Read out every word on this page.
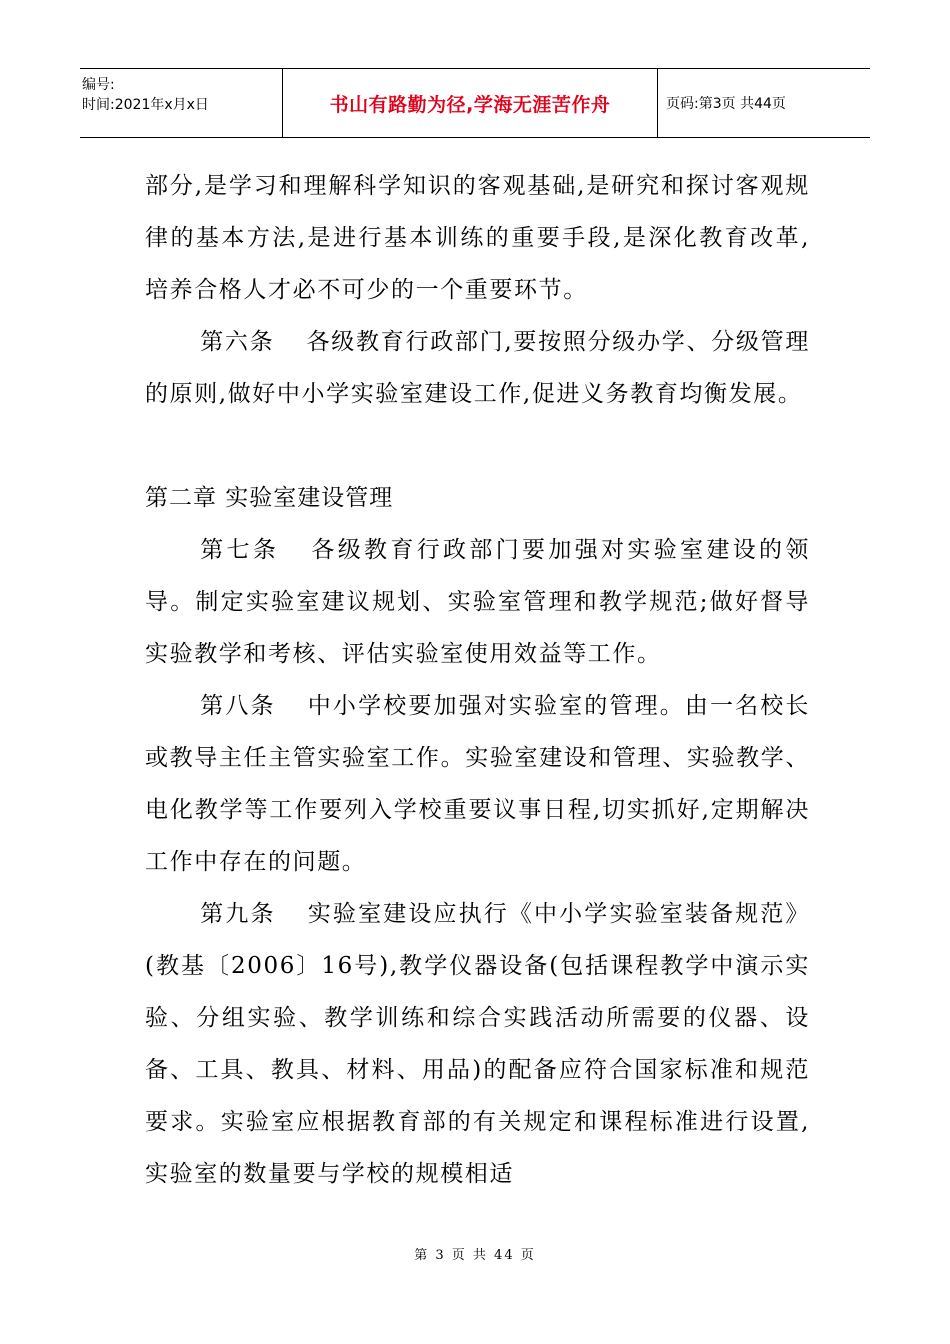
编号:
时间:2021年x月x日	书山有路勤为径,学海无涯苦作舟	页码:第3页 共44页

部分,是学习和理解科学知识的客观基础,是研究和探讨客观规律的基本方法,是进行基本训练的重要手段,是深化教育改革,培养合格人才必不可少的一个重要环节。

第六条 各级教育行政部门,要按照分级办学、分级管理的原则,做好中小学实验室建设工作,促进义务教育均衡发展。

第二章 实验室建设管理

第七条 各级教育行政部门要加强对实验室建设的领导。制定实验室建议规划、实验室管理和教学规范;做好督导实验教学和考核、评估实验室使用效益等工作。

第八条 中小学校要加强对实验室的管理。由一名校长或教导主任主管实验室工作。实验室建设和管理、实验教学、电化教学等工作要列入学校重要议事日程,切实抓好,定期解决工作中存在的问题。

第九条 实验室建设应执行《中小学实验室装备规范》(教基〔2006〕16号),教学仪器设备(包括课程教学中演示实验、分组实验、教学训练和综合实践活动所需要的仪器、设备、工具、教具、材料、用品)的配备应符合国家标准和规范要求。实验室应根据教育部的有关规定和课程标准进行设置,实验室的数量要与学校的规模相适

第 3 页 共 44 页
